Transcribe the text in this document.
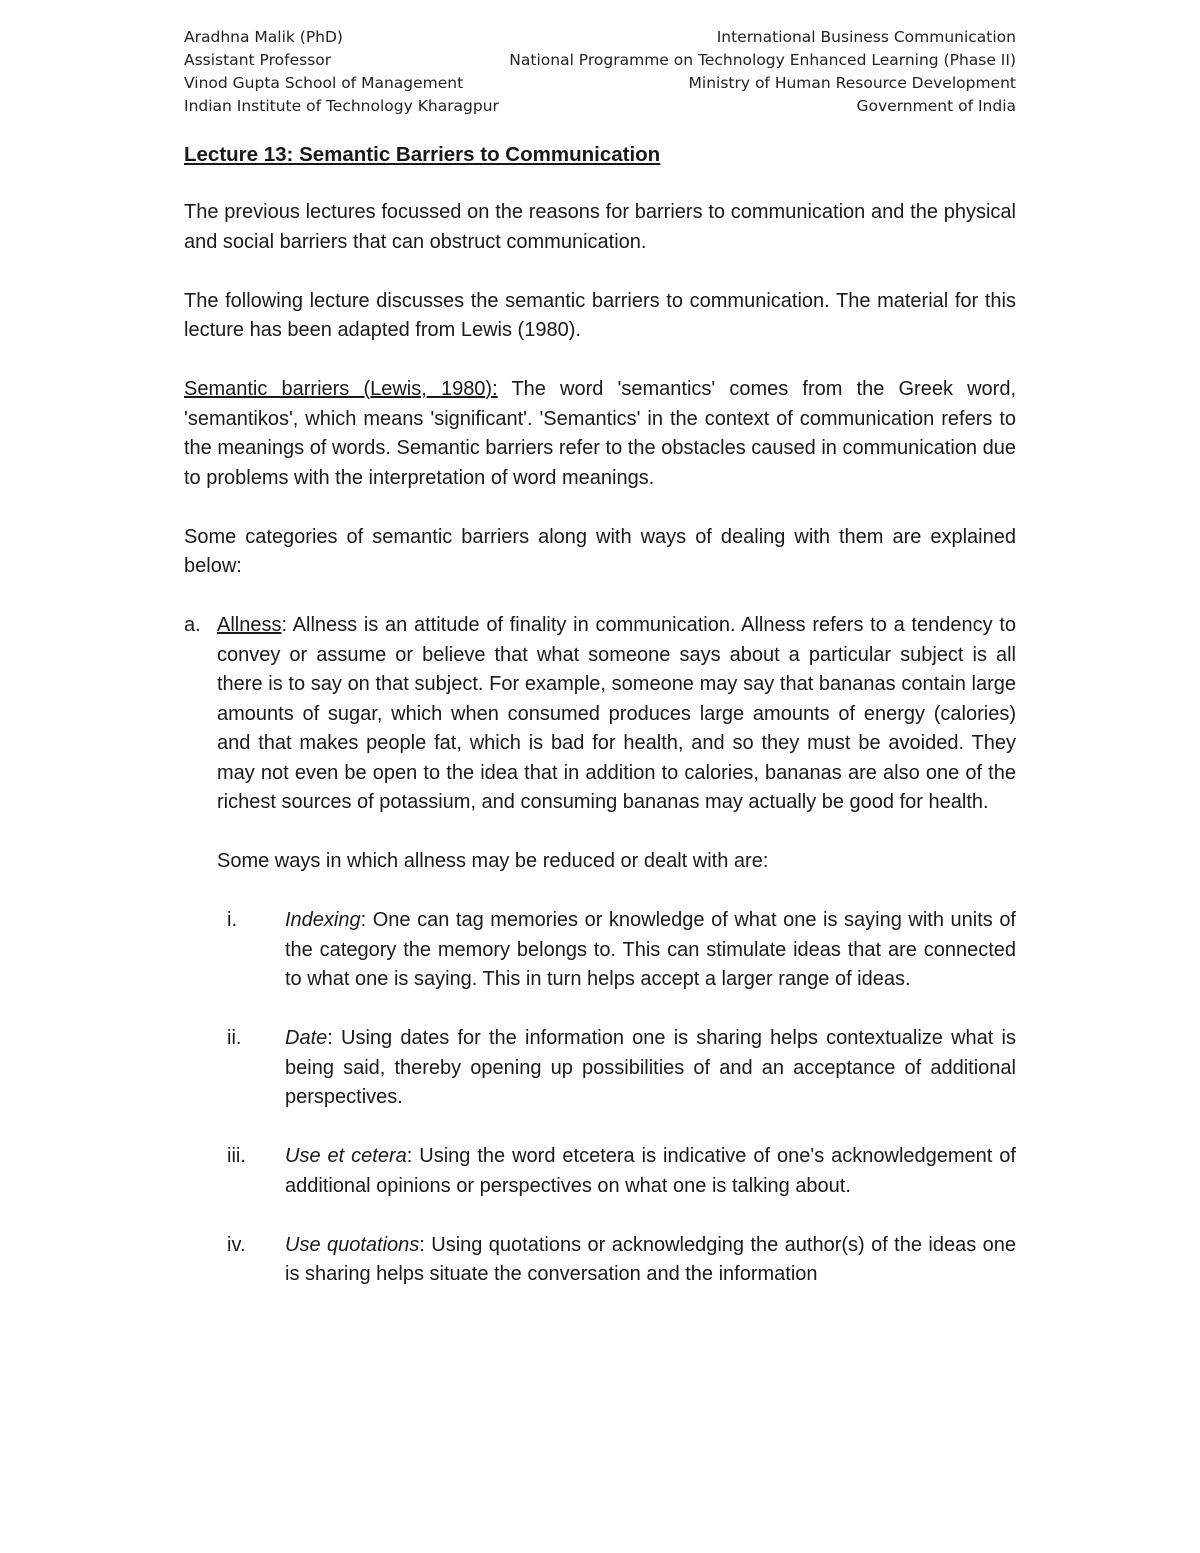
Aradhna Malik (PhD)	International Business Communication
Assistant Professor	National Programme on Technology Enhanced Learning (Phase II)
Vinod Gupta School of Management	Ministry of Human Resource Development
Indian Institute of Technology Kharagpur	Government of India
Lecture 13: Semantic Barriers to Communication

The previous lectures focussed on the reasons for barriers to communication and the physical and social barriers that can obstruct communication.

The following lecture discusses the semantic barriers to communication. The material for this lecture has been adapted from Lewis (1980).

Semantic barriers (Lewis, 1980): The word 'semantics' comes from the Greek word, 'semantikos', which means 'significant'. 'Semantics' in the context of communication refers to the meanings of words. Semantic barriers refer to the obstacles caused in communication due to problems with the interpretation of word meanings.

Some categories of semantic barriers along with ways of dealing with them are explained below:

a. Allness: Allness is an attitude of finality in communication. Allness refers to a tendency to convey or assume or believe that what someone says about a particular subject is all there is to say on that subject. For example, someone may say that bananas contain large amounts of sugar, which when consumed produces large amounts of energy (calories) and that makes people fat, which is bad for health, and so they must be avoided. They may not even be open to the idea that in addition to calories, bananas are also one of the richest sources of potassium, and consuming bananas may actually be good for health.

Some ways in which allness may be reduced or dealt with are:

i.	Indexing: One can tag memories or knowledge of what one is saying with units of the category the memory belongs to. This can stimulate ideas that are connected to what one is saying. This in turn helps accept a larger range of ideas.
ii.	Date: Using dates for the information one is sharing helps contextualize what is being said, thereby opening up possibilities of and an acceptance of additional perspectives.
iii.	Use et cetera: Using the word etcetera is indicative of one's acknowledgement of additional opinions or perspectives on what one is talking about.
iv.	Use quotations: Using quotations or acknowledging the author(s) of the ideas one is sharing helps situate the conversation and the information
